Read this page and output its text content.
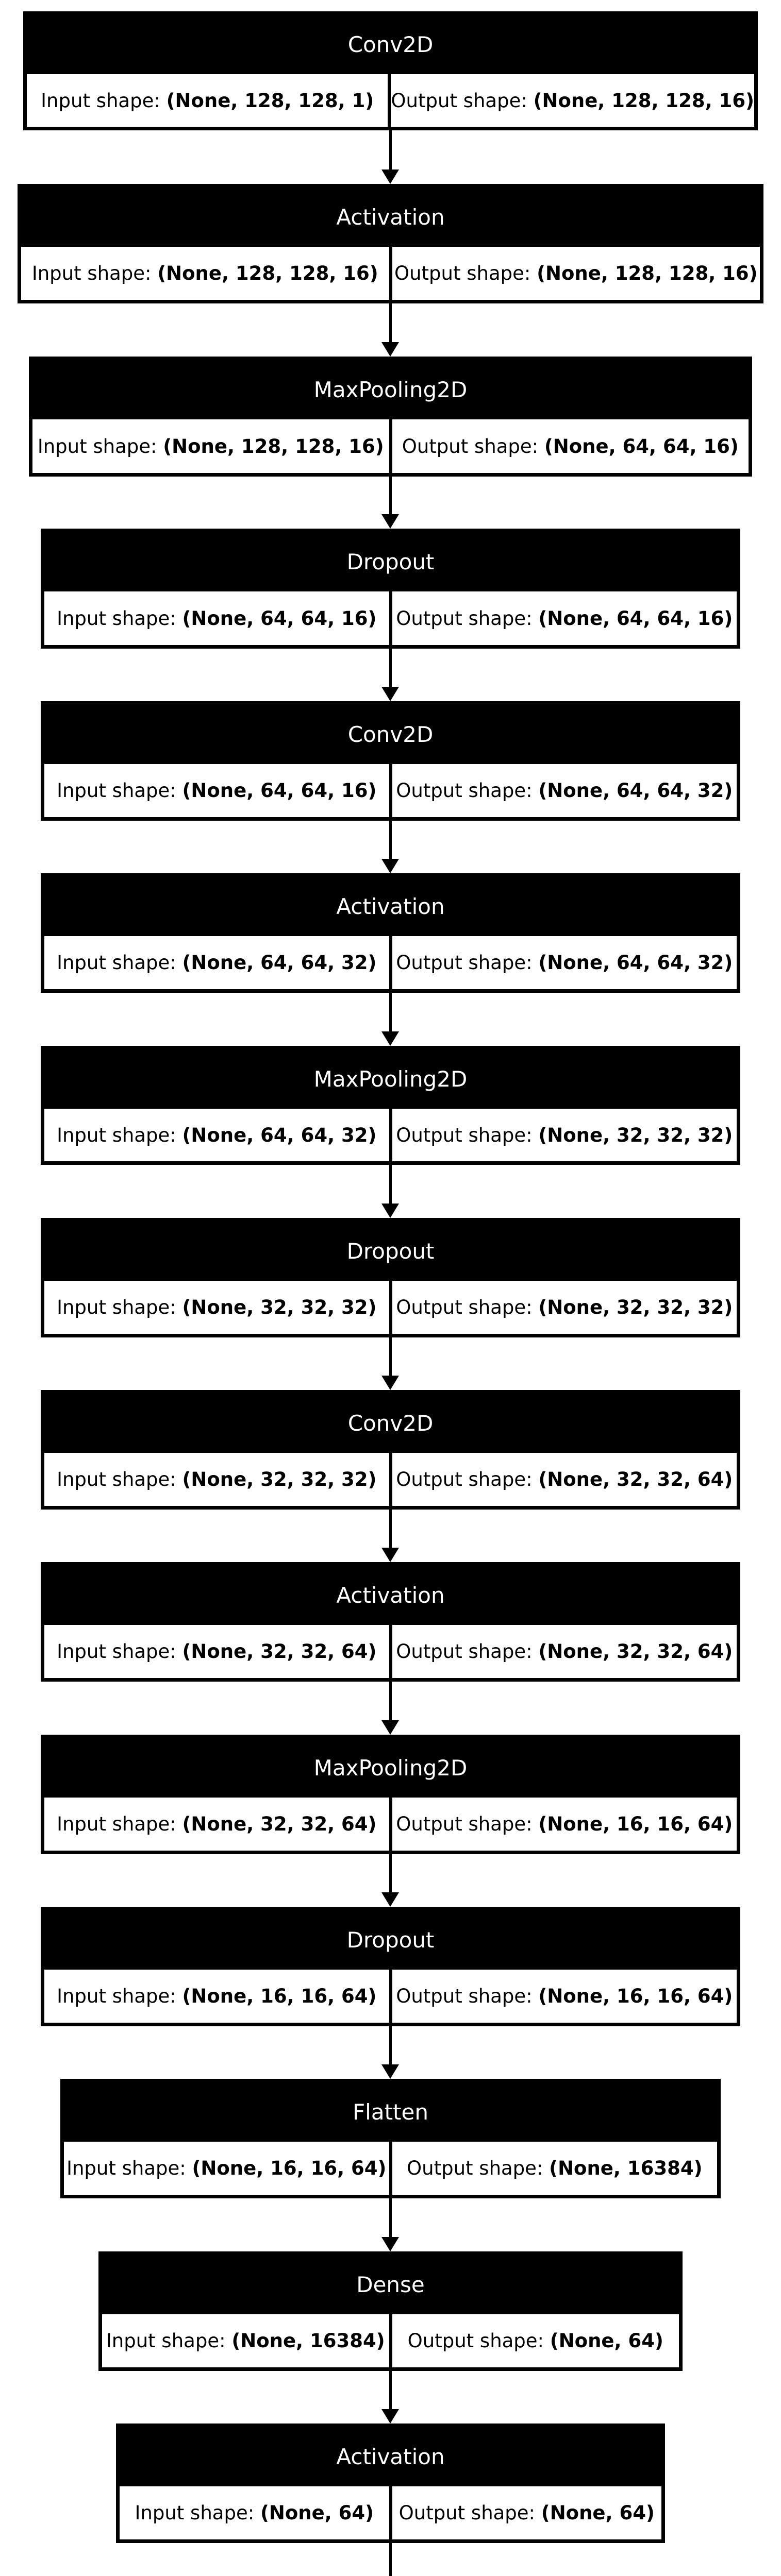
Conv2D
Input shape:
(None, 128, 128, 1) Output shape:
(None, 128, 128, 16)
Activation
Input shape:
(None, 128, 128, 16) Output shape:
(None, 128, 128, 16)
MaxPooling2D
Input shape:
(None, 128, 128, 16) Output shape:
(None, 64, 64, 16)
Dropout
Input shape:
(None, 64, 64, 16) Output shape:
(None, 64, 64, 16)
Conv2D
Input shape:
(None, 64, 64, 16) Output shape:
(None, 64, 64, 32)
Activation
Input shape:
(None, 64, 64, 32) Output shape:
(None, 64, 64, 32)
MaxPooling2D
Input shape:
(None, 64, 64, 32) Output shape:
(None, 32, 32, 32)
Dropout
Input shape:
(None, 32, 32, 32) Output shape:
(None, 32, 32, 32)
Conv2D
Input shape:
(None, 32, 32, 32) Output shape:
(None, 32, 32, 64)
Activation
Input shape:
(None, 32, 32, 64) Output shape:
(None, 32, 32, 64)
MaxPooling2D
Input shape:
(None, 32, 32, 64) Output shape:
(None, 16, 16, 64)
Dropout
Input shape:
(None, 16, 16, 64) Output shape:
(None, 16, 16, 64)
Flatten
Input shape:
(None, 16, 16, 64) Output shape:
(None, 16384)
Dense
Input shape:
(None, 16384) Output shape:
(None, 64)
Activation
Input shape:
(None, 64) Output shape:
(None, 64)
